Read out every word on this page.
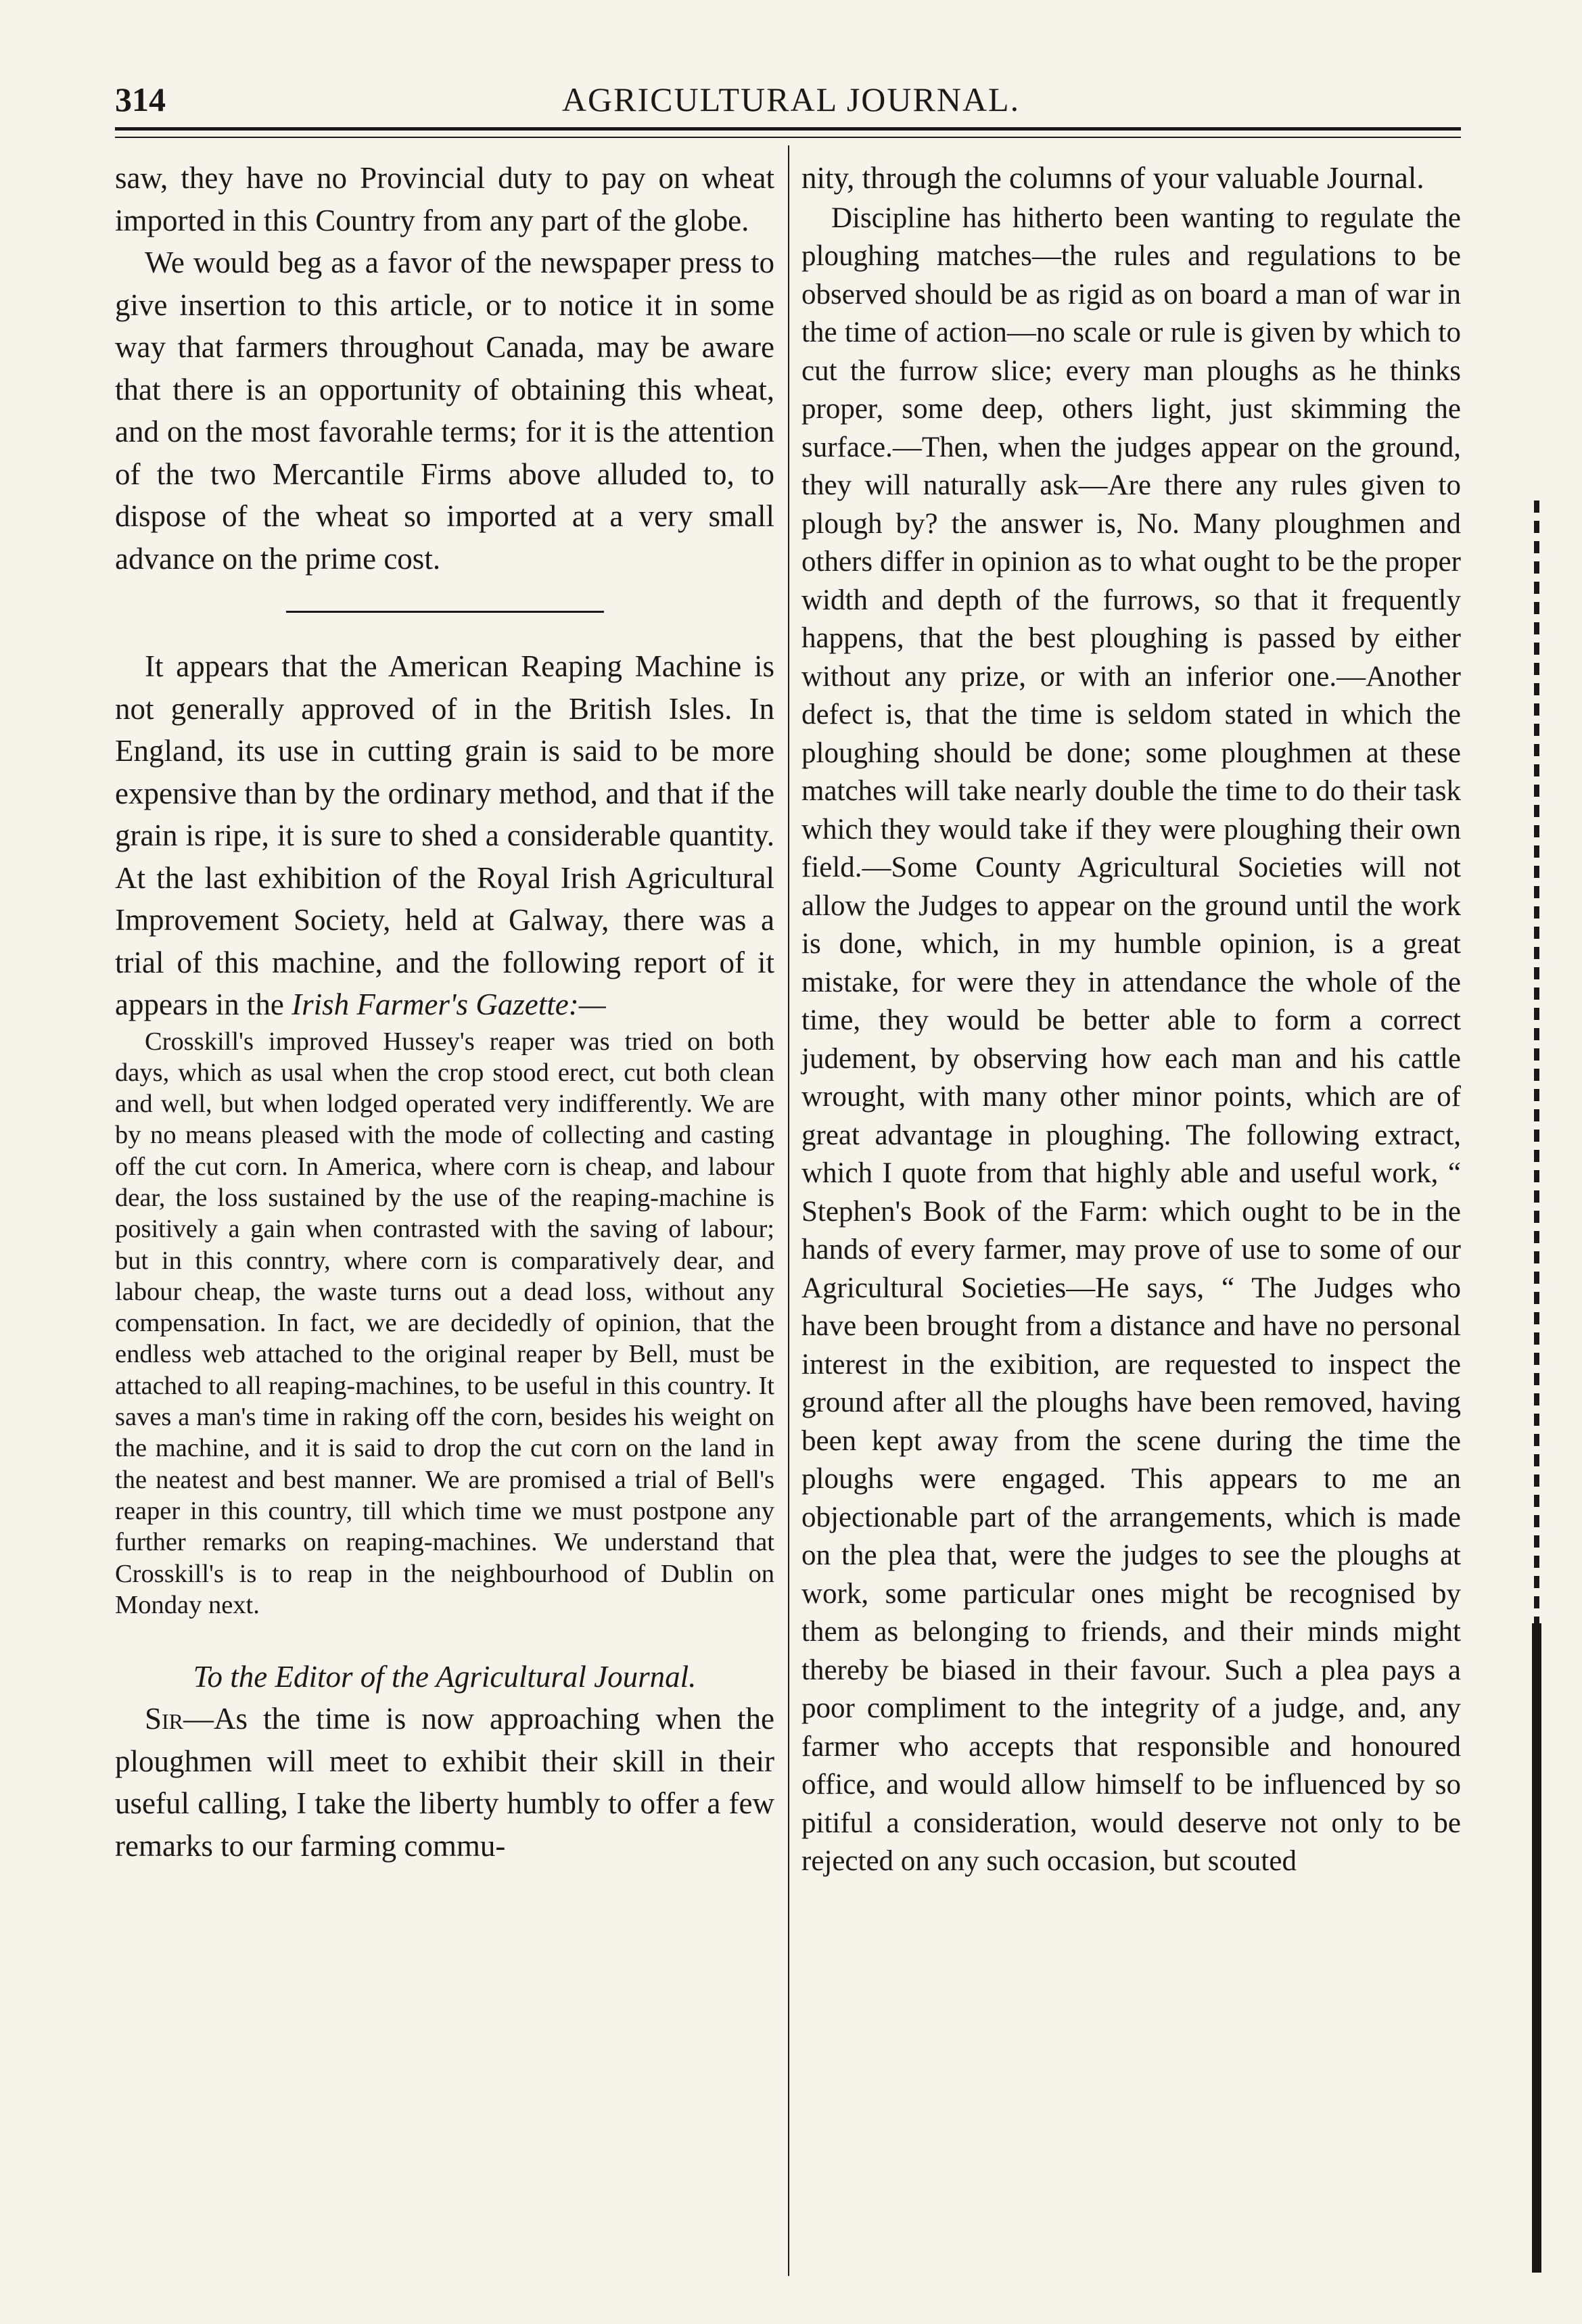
314	AGRICULTURAL JOURNAL.

saw, they have no Provincial duty to pay on wheat imported in this Country from any part of the globe.

We would beg as a favor of the newspaper press to give insertion to this article, or to notice it in some way that farmers throughout Canada, may be aware that there is an opportunity of obtaining this wheat, and on the most favorahle terms; for it is the attention of the two Mercantile Firms above alluded to, to dispose of the wheat so imported at a very small advance on the prime cost.

It appears that the American Reaping Machine is not generally approved of in the British Isles. In England, its use in cutting grain is said to be more expensive than by the ordinary method, and that if the grain is ripe, it is sure to shed a considerable quantity. At the last exhibition of the Royal Irish Agricultural Improvement Society, held at Galway, there was a trial of this machine, and the following report of it appears in the Irish Farmer's Gazette:—

Crosskill's improved Hussey's reaper was tried on both days, which as usal when the crop stood erect, cut both clean and well, but when lodged operated very indifferently. We are by no means pleased with the mode of collecting and casting off the cut corn. In America, where corn is cheap, and labour dear, the loss sustained by the use of the reaping-machine is positively a gain when contrasted with the saving of labour; but in this conntry, where corn is comparatively dear, and labour cheap, the waste turns out a dead loss, without any compensation. In fact, we are decidedly of opinion, that the endless web attached to the original reaper by Bell, must be attached to all reaping-machines, to be useful in this country. It saves a man's time in raking off the corn, besides his weight on the machine, and it is said to drop the cut corn on the land in the neatest and best manner. We are promised a trial of Bell's reaper in this country, till which time we must postpone any further remarks on reaping-machines. We understand that Crosskill's is to reap in the neighbourhood of Dublin on Monday next.

To the Editor of the Agricultural Journal.

Sir—As the time is now approaching when the ploughmen will meet to exhibit their skill in their useful calling, I take the liberty humbly to offer a few remarks to our farming commu-

nity, through the columns of your valuable Journal.

Discipline has hitherto been wanting to regulate the ploughing matches—the rules and regulations to be observed should be as rigid as on board a man of war in the time of action—no scale or rule is given by which to cut the furrow slice; every man ploughs as he thinks proper, some deep, others light, just skimming the surface.—Then, when the judges appear on the ground, they will naturally ask—Are there any rules given to plough by? the answer is, No. Many ploughmen and others differ in opinion as to what ought to be the proper width and depth of the furrows, so that it frequently happens, that the best ploughing is passed by either without any prize, or with an inferior one.—Another defect is, that the time is seldom stated in which the ploughing should be done; some ploughmen at these matches will take nearly double the time to do their task which they would take if they were ploughing their own field.—Some County Agricultural Societies will not allow the Judges to appear on the ground until the work is done, which, in my humble opinion, is a great mistake, for were they in attendance the whole of the time, they would be better able to form a correct judement, by observing how each man and his cattle wrought, with many other minor points, which are of great advantage in ploughing. The following extract, which I quote from that highly able and useful work, “ Stephen's Book of the Farm: which ought to be in the hands of every farmer, may prove of use to some of our Agricultural Societies—He says, “ The Judges who have been brought from a distance and have no personal interest in the exibition, are requested to inspect the ground after all the ploughs have been removed, having been kept away from the scene during the time the ploughs were engaged. This appears to me an objectionable part of the arrangements, which is made on the plea that, were the judges to see the ploughs at work, some particular ones might be recognised by them as belonging to friends, and their minds might thereby be biased in their favour. Such a plea pays a poor compliment to the integrity of a judge, and, any farmer who accepts that responsible and honoured office, and would allow himself to be influenced by so pitiful a consideration, would deserve not only to be rejected on any such occasion, but scouted
